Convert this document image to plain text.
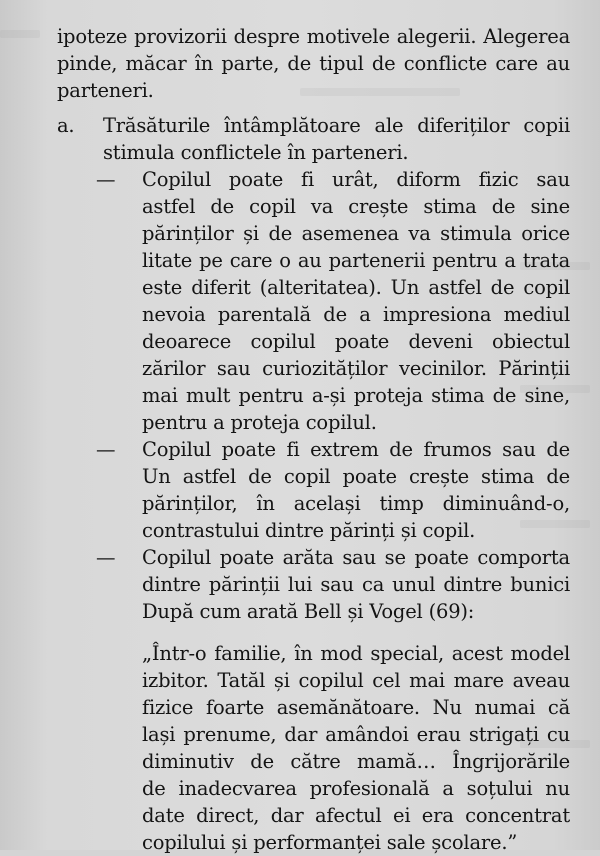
ipoteze provizorii despre motivele alegerii. Alegerea
pinde, măcar în parte, de tipul de conflicte care au
parteneri.
a. Trăsăturile întâmplătoare ale diferiților copii
stimula conflictele în parteneri.
— Copilul poate fi urât, diform fizic sau
astfel de copil va crește stima de sine
părinților și de asemenea va stimula orice
litate pe care o au partenerii pentru a trata
este diferit (alteritatea). Un astfel de copil
nevoia parentală de a impresiona mediul
deoarece copilul poate deveni obiectul
zărilor sau curiozităților vecinilor. Părinții
mai mult pentru a-și proteja stima de sine,
pentru a proteja copilul.
— Copilul poate fi extrem de frumos sau de
Un astfel de copil poate crește stima de
părinților, în același timp diminuând-o,
contrastului dintre părinți și copil.
— Copilul poate arăta sau se poate comporta
dintre părinții lui sau ca unul dintre bunici
După cum arată Bell și Vogel (69):
„Într-o familie, în mod special, acest model
izbitor. Tatăl și copilul cel mai mare aveau
fizice foarte asemănătoare. Nu numai că
lași prenume, dar amândoi erau strigați cu
diminutiv de către mamă… Îngrijorările
de inadecvarea profesională a soțului nu
date direct, dar afectul ei era concentrat
copilului și performanței sale școlare.”
